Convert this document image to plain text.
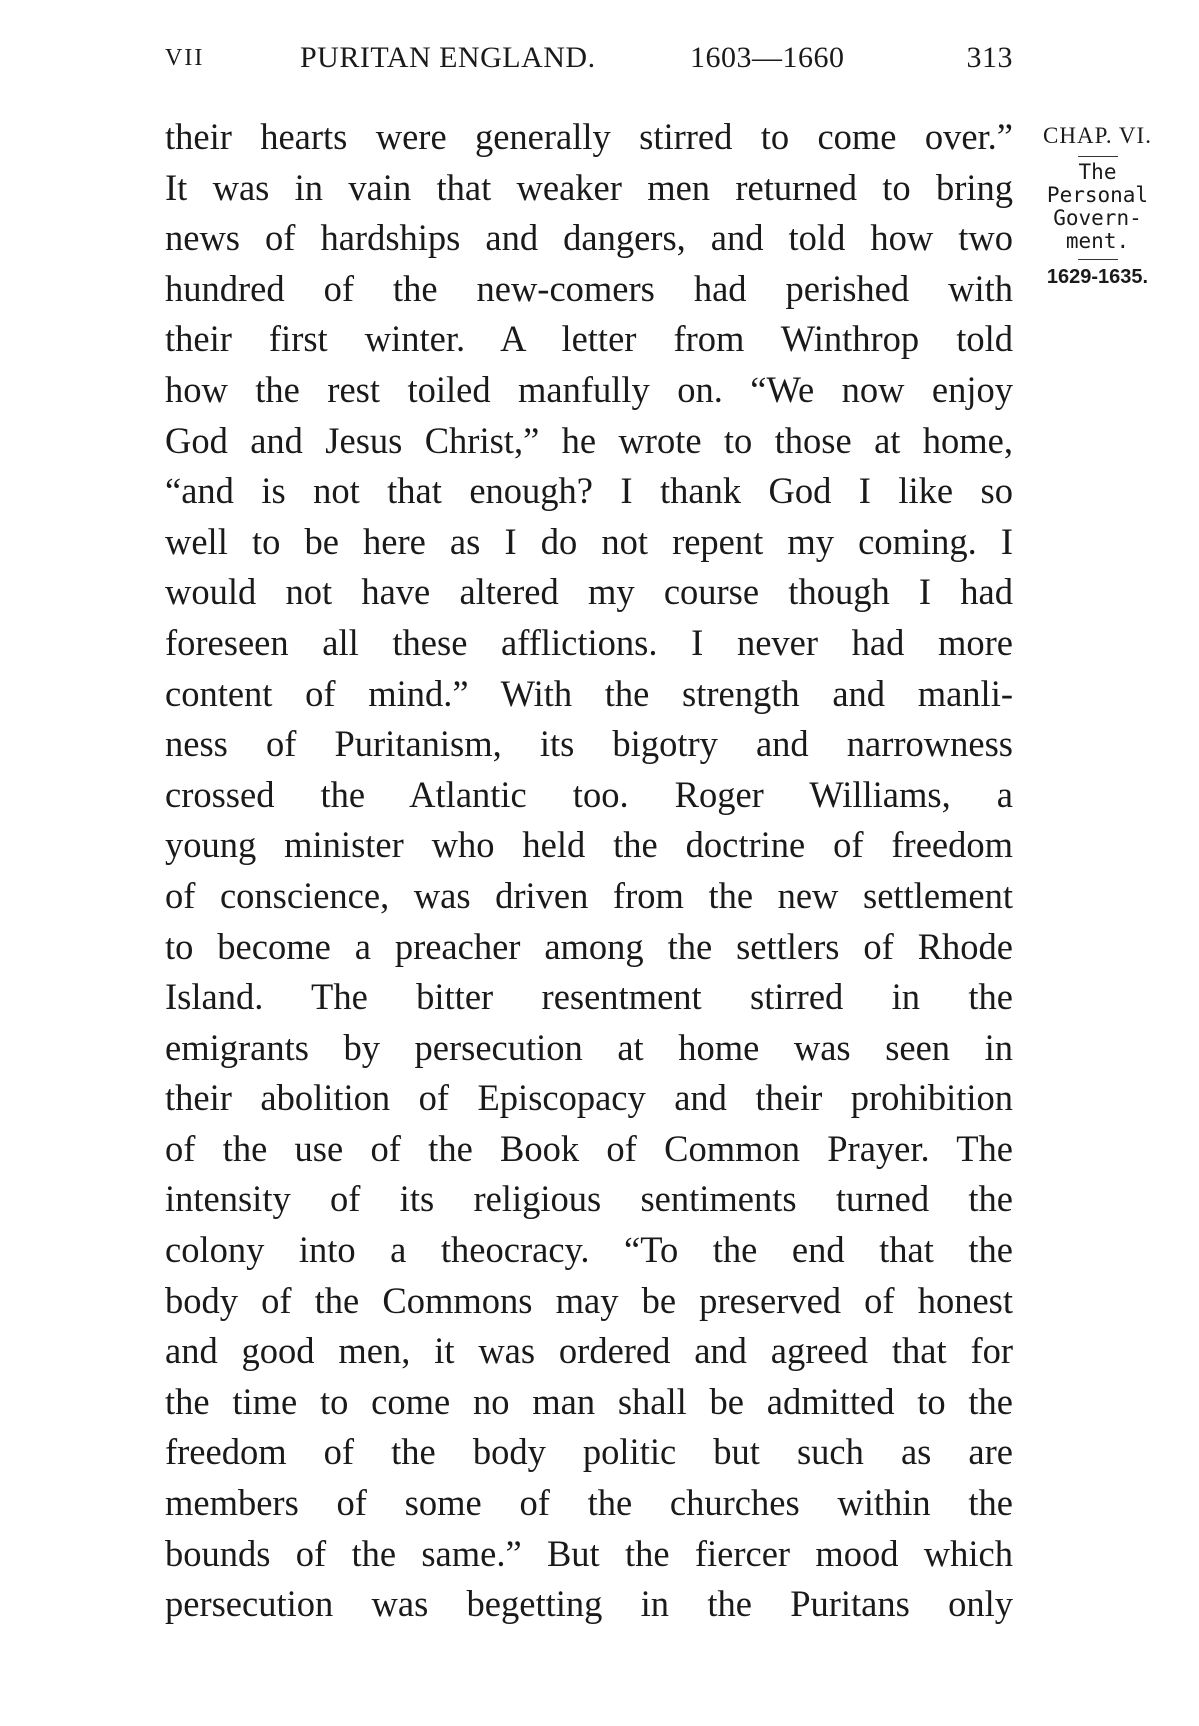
VII	PURITAN ENGLAND.	1603—1660	313
their hearts were generally stirred to come over.”
It was in vain that weaker men returned to bring
news of hardships and dangers, and told how two
hundred of the new-comers had perished with
their first winter. A letter from Winthrop told
how the rest toiled manfully on. “We now enjoy
God and Jesus Christ,” he wrote to those at home,
“and is not that enough? I thank God I like so
well to be here as I do not repent my coming. I
would not have altered my course though I had
foreseen all these afflictions. I never had more
content of mind.” With the strength and manli-
ness of Puritanism, its bigotry and narrowness
crossed the Atlantic too. Roger Williams, a
young minister who held the doctrine of freedom
of conscience, was driven from the new settlement
to become a preacher among the settlers of Rhode
Island. The bitter resentment stirred in the
emigrants by persecution at home was seen in
their abolition of Episcopacy and their prohibition
of the use of the Book of Common Prayer. The
intensity of its religious sentiments turned the
colony into a theocracy. “To the end that the
body of the Commons may be preserved of honest
and good men, it was ordered and agreed that for
the time to come no man shall be admitted to the
freedom of the body politic but such as are
members of some of the churches within the
bounds of the same.” But the fiercer mood which
persecution was begetting in the Puritans only
CHAP. VI.
The
Personal
Govern-
ment.
1629-1635.
